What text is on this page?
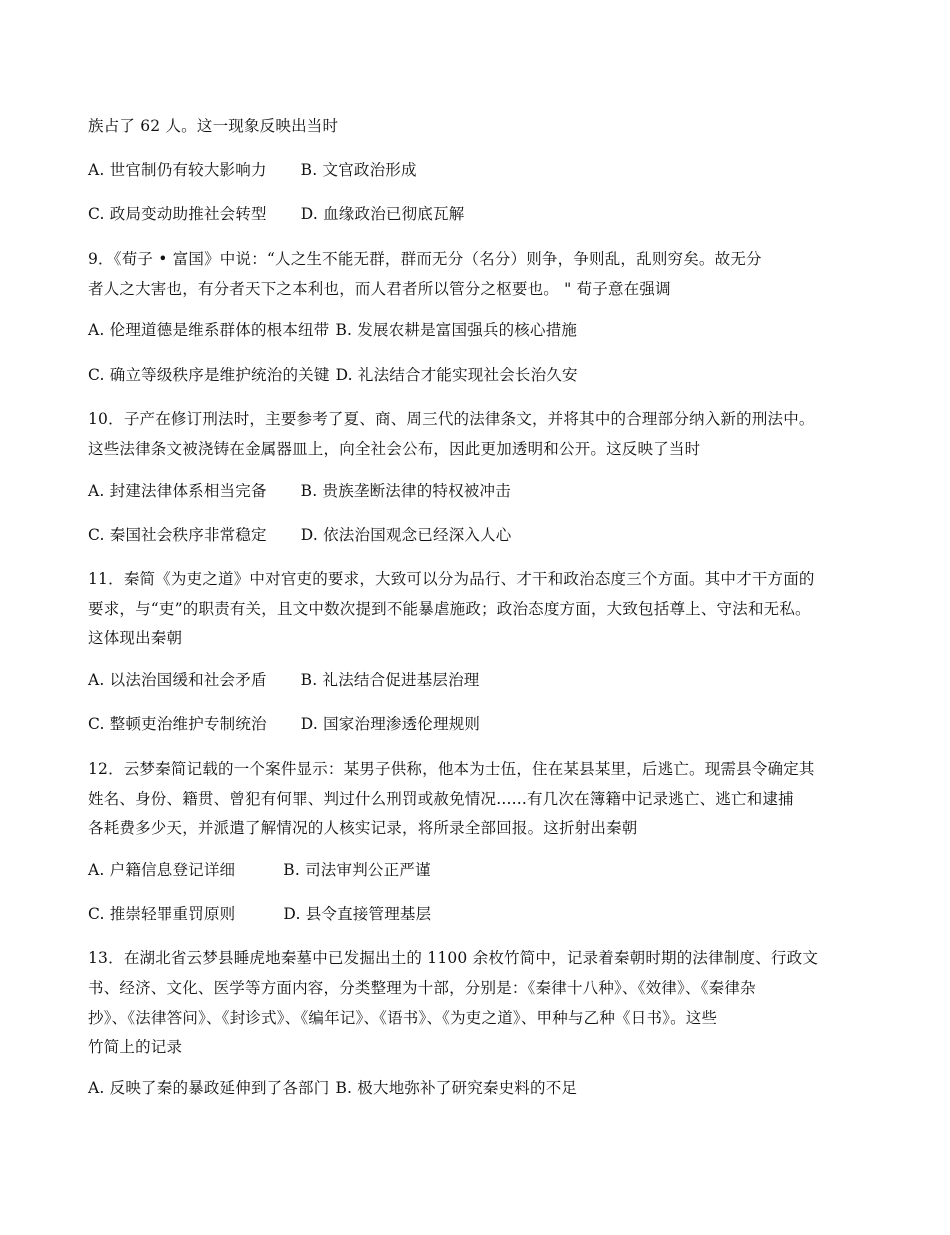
族占了 62 人。这一现象反映出当时
A. 世官制仍有较大影响力 B. 文官政治形成
C. 政局变动助推社会转型 D. 血缘政治已彻底瓦解
9．《荀子 • 富国》中说：“人之生不能无群，群而无分（名分）则争，争则乱，乱则穷矣。故无分
者人之大害也，有分者天下之本利也，而人君者所以管分之枢要也。 " 荀子意在强调
A. 伦理道德是维系群体的根本纽带 B. 发展农耕是富国强兵的核心措施
C. 确立等级秩序是维护统治的关键 D. 礼法结合才能实现社会长治久安
10．子产在修订刑法时，主要参考了夏、商、周三代的法律条文，并将其中的合理部分纳入新的刑法中。
这些法律条文被浇铸在金属器皿上，向全社会公布，因此更加透明和公开。这反映了当时
A. 封建法律体系相当完备 B. 贵族垄断法律的特权被冲击
C. 秦国社会秩序非常稳定 D. 依法治国观念已经深入人心
11．秦简《为吏之道》中对官吏的要求，大致可以分为品行、才干和政治态度三个方面。其中才干方面的
要求，与“吏”的职责有关，且文中数次提到不能暴虐施政；政治态度方面，大致包括尊上、守法和无私。
这体现出秦朝
A. 以法治国缓和社会矛盾 B. 礼法结合促进基层治理
C. 整顿吏治维护专制统治 D. 国家治理渗透伦理规则
12．云梦秦简记载的一个案件显示：某男子供称，他本为士伍，住在某县某里，后逃亡。现需县令确定其
姓名、身份、籍贯、曾犯有何罪、判过什么刑罚或赦免情况......有几次在簿籍中记录逃亡、逃亡和逮捕
各耗费多少天，并派遣了解情况的人核实记录，将所录全部回报。这折射出秦朝
A. 户籍信息登记详细	B. 司法审判公正严谨
C. 推崇轻罪重罚原则	D. 县令直接管理基层
13．在湖北省云梦县睡虎地秦墓中已发掘出土的 1100 余枚竹简中，记录着秦朝时期的法律制度、行政文
书、经济、文化、医学等方面内容，分类整理为十部，分别是：《秦律十八种》、《效律》、《秦律杂
抄》、《法律答问》、《封诊式》、《编年记》、《语书》、《为吏之道》、甲种与乙种《日书》。这些
竹简上的记录
A. 反映了秦的暴政延伸到了各部门 B. 极大地弥补了研究秦史料的不足
